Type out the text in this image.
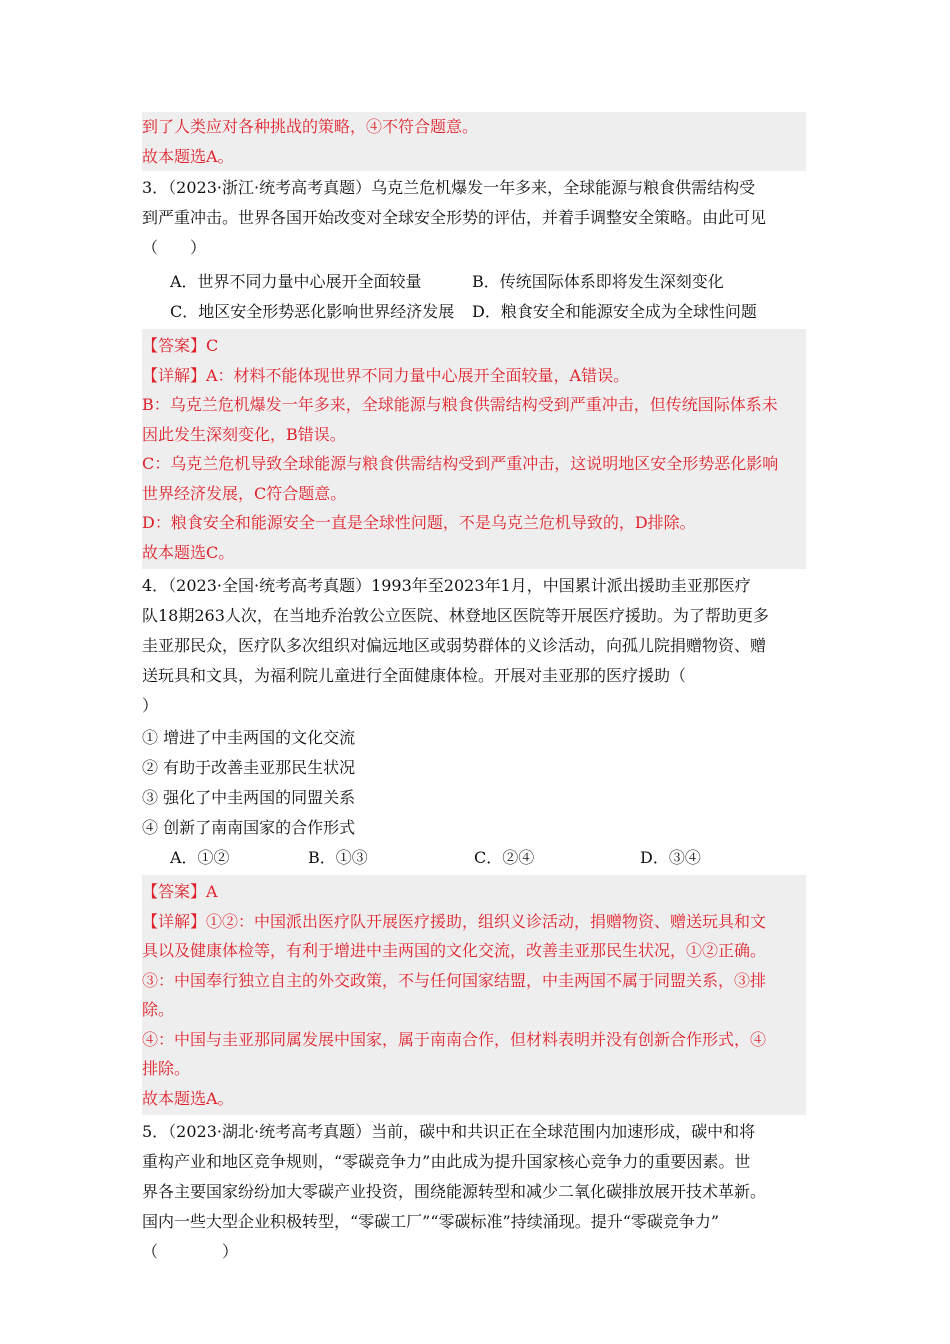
到了人类应对各种挑战的策略，④不符合题意。
故本题选A。
3．（2023·浙江·统考高考真题）乌克兰危机爆发一年多来，全球能源与粮食供需结构受
到严重冲击。世界各国开始改变对全球安全形势的评估，并着手调整安全策略。由此可见
（　　）
A．世界不同力量中心展开全面较量	B．传统国际体系即将发生深刻变化
C．地区安全形势恶化影响世界经济发展	D．粮食安全和能源安全成为全球性问题
【答案】C
【详解】A：材料不能体现世界不同力量中心展开全面较量，A错误。
B：乌克兰危机爆发一年多来，全球能源与粮食供需结构受到严重冲击，但传统国际体系未
因此发生深刻变化，B错误。
C：乌克兰危机导致全球能源与粮食供需结构受到严重冲击，这说明地区安全形势恶化影响
世界经济发展，C符合题意。
D：粮食安全和能源安全一直是全球性问题，不是乌克兰危机导致的，D排除。
故本题选C。
4．（2023·全国·统考高考真题）1993年至2023年1月，中国累计派出援助圭亚那医疗
队18期263人次，在当地乔治敦公立医院、林登地区医院等开展医疗援助。为了帮助更多
圭亚那民众，医疗队多次组织对偏远地区或弱势群体的义诊活动，向孤儿院捐赠物资、赠
送玩具和文具，为福利院儿童进行全面健康体检。开展对圭亚那的医疗援助（
）
① 增进了中圭两国的文化交流
② 有助于改善圭亚那民生状况
③ 强化了中圭两国的同盟关系
④ 创新了南南国家的合作形式
A．①②	B．①③	C．②④	D．③④
【答案】A
【详解】①②：中国派出医疗队开展医疗援助，组织义诊活动，捐赠物资、赠送玩具和文
具以及健康体检等，有利于增进中圭两国的文化交流，改善圭亚那民生状况，①②正确。
③：中国奉行独立自主的外交政策，不与任何国家结盟，中圭两国不属于同盟关系，③排
除。
④：中国与圭亚那同属发展中国家，属于南南合作，但材料表明并没有创新合作形式，④
排除。
故本题选A。
5．（2023·湖北·统考高考真题）当前，碳中和共识正在全球范围内加速形成，碳中和将
重构产业和地区竞争规则，“零碳竞争力”由此成为提升国家核心竞争力的重要因素。世
界各主要国家纷纷加大零碳产业投资，围绕能源转型和减少二氧化碳排放展开技术革新。
国内一些大型企业积极转型，“零碳工厂”“零碳标准”持续涌现。提升“零碳竞争力”
（　　　　）
